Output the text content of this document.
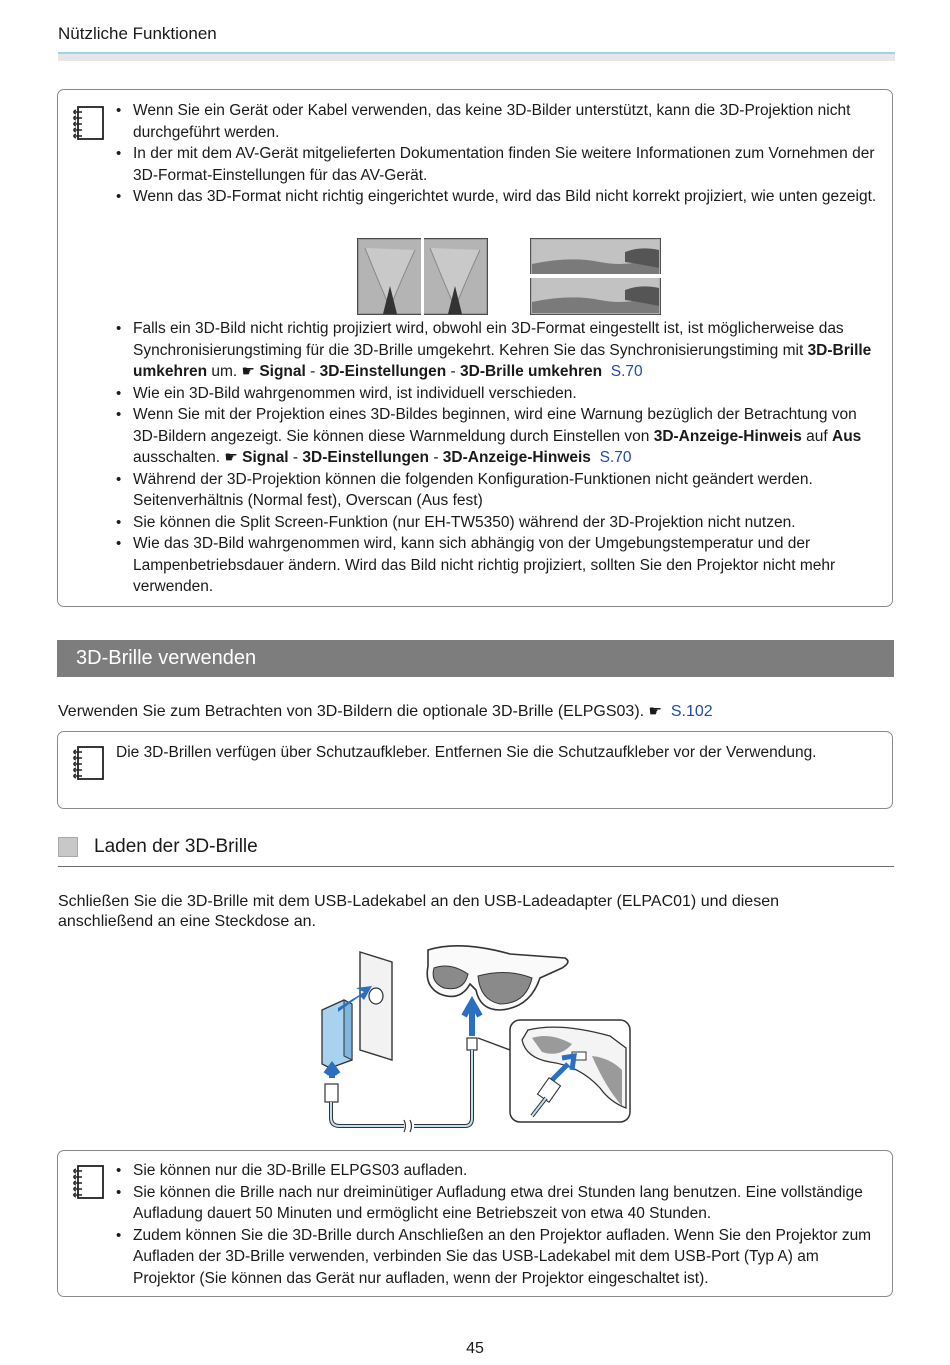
Nützliche Funktionen
• Wenn Sie ein Gerät oder Kabel verwenden, das keine 3D-Bilder unterstützt, kann die 3D-Projektion nicht durchgeführt werden.
• In der mit dem AV-Gerät mitgelieferten Dokumentation finden Sie weitere Informationen zum Vornehmen der 3D-Format-Einstellungen für das AV-Gerät.
• Wenn das 3D-Format nicht richtig eingerichtet wurde, wird das Bild nicht korrekt projiziert, wie unten gezeigt.
• Falls ein 3D-Bild nicht richtig projiziert wird, obwohl ein 3D-Format eingestellt ist, ist möglicherweise das Synchronisierungstiming für die 3D-Brille umgekehrt. Kehren Sie das Synchronisierungstiming mit 3D-Brille umkehren um. ☛ Signal - 3D-Einstellungen - 3D-Brille umkehren S.70
• Wie ein 3D-Bild wahrgenommen wird, ist individuell verschieden.
• Wenn Sie mit der Projektion eines 3D-Bildes beginnen, wird eine Warnung bezüglich der Betrachtung von 3D-Bildern angezeigt. Sie können diese Warnmeldung durch Einstellen von 3D-Anzeige-Hinweis auf Aus ausschalten. ☛ Signal - 3D-Einstellungen - 3D-Anzeige-Hinweis S.70
• Während der 3D-Projektion können die folgenden Konfiguration-Funktionen nicht geändert werden. Seitenverhältnis (Normal fest), Overscan (Aus fest)
• Sie können die Split Screen-Funktion (nur EH-TW5350) während der 3D-Projektion nicht nutzen.
• Wie das 3D-Bild wahrgenommen wird, kann sich abhängig von der Umgebungstemperatur und der Lampenbetriebsdauer ändern. Wird das Bild nicht richtig projiziert, sollten Sie den Projektor nicht mehr verwenden.
3D-Brille verwenden
Verwenden Sie zum Betrachten von 3D-Bildern die optionale 3D-Brille (ELPGS03). ☛ S.102
Die 3D-Brillen verfügen über Schutzaufkleber. Entfernen Sie die Schutzaufkleber vor der Verwendung.
Laden der 3D-Brille
Schließen Sie die 3D-Brille mit dem USB-Ladekabel an den USB-Ladeadapter (ELPAC01) und diesen anschließend an eine Steckdose an.
• Sie können nur die 3D-Brille ELPGS03 aufladen.
• Sie können die Brille nach nur dreiminütiger Aufladung etwa drei Stunden lang benutzen. Eine vollständige Aufladung dauert 50 Minuten und ermöglicht eine Betriebszeit von etwa 40 Stunden.
• Zudem können Sie die 3D-Brille durch Anschließen an den Projektor aufladen. Wenn Sie den Projektor zum Aufladen der 3D-Brille verwenden, verbinden Sie das USB-Ladekabel mit dem USB-Port (Typ A) am Projektor (Sie können das Gerät nur aufladen, wenn der Projektor eingeschaltet ist).
45
